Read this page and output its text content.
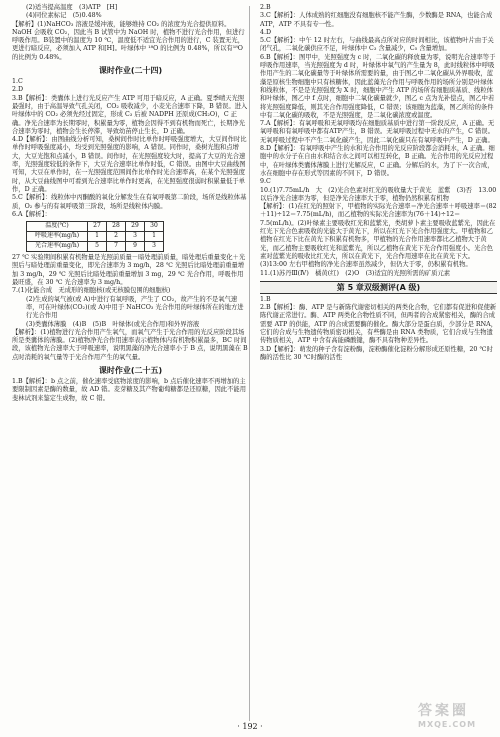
(2)适当提高温度　(3)ATP　[H]

(4)同位素标记　(5)0.48%

【解析】(1)NaHCO₃ 溶液是缓冲液，能够维持 CO₂ 的浓度为光合提供原料。NaOH 会吸收 CO₂，因此当 B 试管中为 NaOH 时，植物不进行光合作用，但进行呼吸作用。B装置中的温度为 10 ℃，温度低不适宜光合作用的进行，C 装置无光，更进行暗反应，必须加入 ATP 和[H]。叶绿体中 ¹⁸O 的比例为 0.48%，所以有¹⁸O 的比例为 0.48%。

课时作业(二十四)

1.C

2.D

3.B【解析】：类囊体上进行光反应产生 ATP 可用于暗反应，A 正确。夏季晴天光照最强时，由于高温导致气孔关闭，CO₂ 吸收减少，小麦光合速率下降，B 错误。进入叶绿体中的 CO₂ 必须先经过固定，形成 C₃ 后被 NADPH 还原成(CH₂O)，C 正确。净光合速率为长期零时，积累量为零，植物会因得不到有机物而死亡，长期净光合速率为零时，植物会生长停滞，导致幼苗停止生长，D 正确。

4.D【解析】：由图曲线分析可知，桑树间作时比单作时呼吸强度增大，大豆间作时比单作时呼吸强度减小，均受到光照强度的影响，A 错误。同作时，桑树光饱和点增大，大豆光饱和点减小，B 错误。间作时，在光照强度较大时，提高了大豆的光合速率，光照强度较低的条件下，大豆光合速率比单作时低，C 错误。由图中大豆曲线图可知，大豆在单作时，在一光照强度范围间作比单作时光合速率高，在某个光照强度时，从大豆曲线图中可看到光合速率比单作时更高，在光照强度很弱时积累量低于单作，D 正确。

5.C【解析】：线粒体中丙酮酸的氧化分解发生在有氧呼吸第二阶段，场所是线粒体基质，O₂ 参与的有氧呼吸第三阶段，场所是线粒体内膜。

6.A【解析】：

温度(℃)	27	28	29	30
呼吸速率(mg/h)	1	2	3	1
光合速率(mg/h)	5	7	9	3

27 ℃ 实验期间积累有机物量是光照前质量－暗处理前质量，暗处理后重量变化＋光照后与暗处理前重量变化，即光合速率为 3 mg/h，28 ℃ 光照后比暗处理前重量增加 3 mg/h，29 ℃ 光照后比暗处理前重量增加 3 mg，29 ℃ 光合作用，呼吸作用最旺盛，在 30 ℃ 光合速率为 3 mg/h。

7.(1)化能合成　无成形的细胞核(或无核膜包围的细胞核)

(2)生成的氧气被(或 A)中进行有氧呼吸，产生了 CO₂，故产生的不是氧气速率，可在叶绿体(CO₂)(或 A)中用于 NaHCO₃ 光合作用的叶绿体所在的地方进行光合作用

(3)类囊体薄膜　(4)B　(5)B　叶绿体(或光合作用)和外界溶液

【解析】：(1)植物进行光合作用产生氧气，而氧气产生于光合作用的光反应阶段其场所是类囊体的薄膜。(2)植物净光合作用速率表示植物体内有机物积累最多，BC 时间段，该植物光合速率大于呼吸速率，说明黑藻的净光合速率小于 B 点，说明黑藻在 B 点时消耗的氧气量等于光合作用产生的氧气量。

课时作业(二十五)

1.B【解析】：b 点之前，催化速率受底物浓度的影响，b 点后催化速率不再增加的主要限制因素是酶的数量，故 AD 错。麦芽糖及其产物葡萄糖都是还原糖，因此不能用斐林试剂来鉴定生成物，故 C 错。

2.B

3.C【解析】：人体成熟的红细胞没有细胞核不能产生酶，少数酶是 RNA，也能合成 ATP，ATP 不具有专一性。

4.D

5.C【解析】：中午 12 时左右，与曲线最高点所对应的时间相比，该植物叶片由于关闭气孔，二氧化碳供应不足，叶绿体中 C₃ 含量减少，C₅ 含量增加。

6.B【解析】：图甲中，光照强度为 c 时，二氧化碳的释放量为零，说明光合速率等于呼吸作用速率，当光照强度为 d 时，叶绿体中氧气的产生量为 8，此时线粒体中呼吸作用产生的二氧化碳量等于叶绿体所需要的量，由于图乙中二氧化碳从外界吸收，蓝藻是原核生物细胞中只有核糖体，因此蓝藻光合作用与呼吸作用的场所分别是叶绿体和线粒体，不是是光照强度为 X 时，细胞中产生 ATP 的场所有细胞质基质、线粒体和叶绿体，图乙中 f 点时，细胞中二氧化碳量就少，图乙 c 点为光补偿点，图乙中若将光照强度降低，则其光合作用强度降低，C 错误；该细胞为蓝藻，图乙所给的条件中有二氧化碳的吸收，不是光照强度，是二氧化碳浓度或温度。

7.A【解析】：有氧呼吸和无氧呼吸均在细胞质基质中进行第一阶段反应，A 正确。无氧呼吸和有氧呼吸中都有ATP产生，B 错误。无氧呼吸过程中无水的产生，C 错误。无氧呼吸过程中不产生二氧化碳产生，因此二氧化碳只在有氧呼吸中产生，D 正确。

8.D【解析】：有氧呼吸中产生的水和光合作用的光反应阶段都会消耗水，A 正确。细胞中的水分子在自由水和结合水之间可以相互转化，B 正确。光合作用的光反应过程中，在叶绿体类囊体薄膜上进行光解反应，C 正确。分解后的水，为了下一次合成，水在细胞中存在形式等因素的不同下，D 错误。

9.C

10.(1)7.75mL/h　大　(2)光合色素对红光的吸收量大于黄光　蓝紫　(3)否　13.00 以后净光合速率为零，但是净光合速率大于零，植物仍然积累有机物

【解析】：(1)在红光的照射下，甲植物的实际光合速率＝净光合速率＋呼吸速率＝(82＋11)÷12＝7.75(mL/h)，而乙植物的实际光合速率为(76＋14)÷12＝7.5(mL/h)。(2)叶绿素主要吸收红光和蓝紫光，类胡萝卜素主要吸收蓝紫光，因此在红光下光合色素吸收的光能大于黄光下，所以在红光下光合作用强度大。甲植物和乙植物在红光下比在黄光下积累有机物多，甲植物的光合作用速率都比乙植物大于黄光，而乙植物主要吸收红光和蓝紫光，所以乙植物在黄光下光合作用强度小。光合色素对蓝紫光的吸收比红光大，所以在黄光下，光合作用速率在比在黄光下大。(3)13:00 左右甲植物的净光合速率虽然减少，但仍大于零，仍积累有机物。

11.(1)苏丹Ⅲ(Ⅳ)　橘黄(红)　(2)O　(3)适宜的光照所需的矿质元素

第 5 章双级测评(A 级)

1.B

2.B【解析】：酶、ATP 是与新陈代谢密切相关的两类化合物，它们都有促进和促使新陈代谢正常进行。酶、ATP 两类化合物性质不同，但两者的合成紧密相关，酶的合成需要 ATP 的供能，ATP 的合成需要酶的催化。酶大部分是蛋白质，少部分是 RNA，它们的合成与生物遗传物质密切相关，有些酶是由 RNA 类物质，它们合成与生物遗传物质相关，ATP 中含有高能磷酸键，酶不具有物种差异性。

3.D【解析】：萌发的种子含有淀粉酶，淀粉酶催化淀粉分解形成还原性糖，20 ℃时酶的活性比 30 ℃时酶的活性

· 192 ·
答案圈
MXQE.COM
